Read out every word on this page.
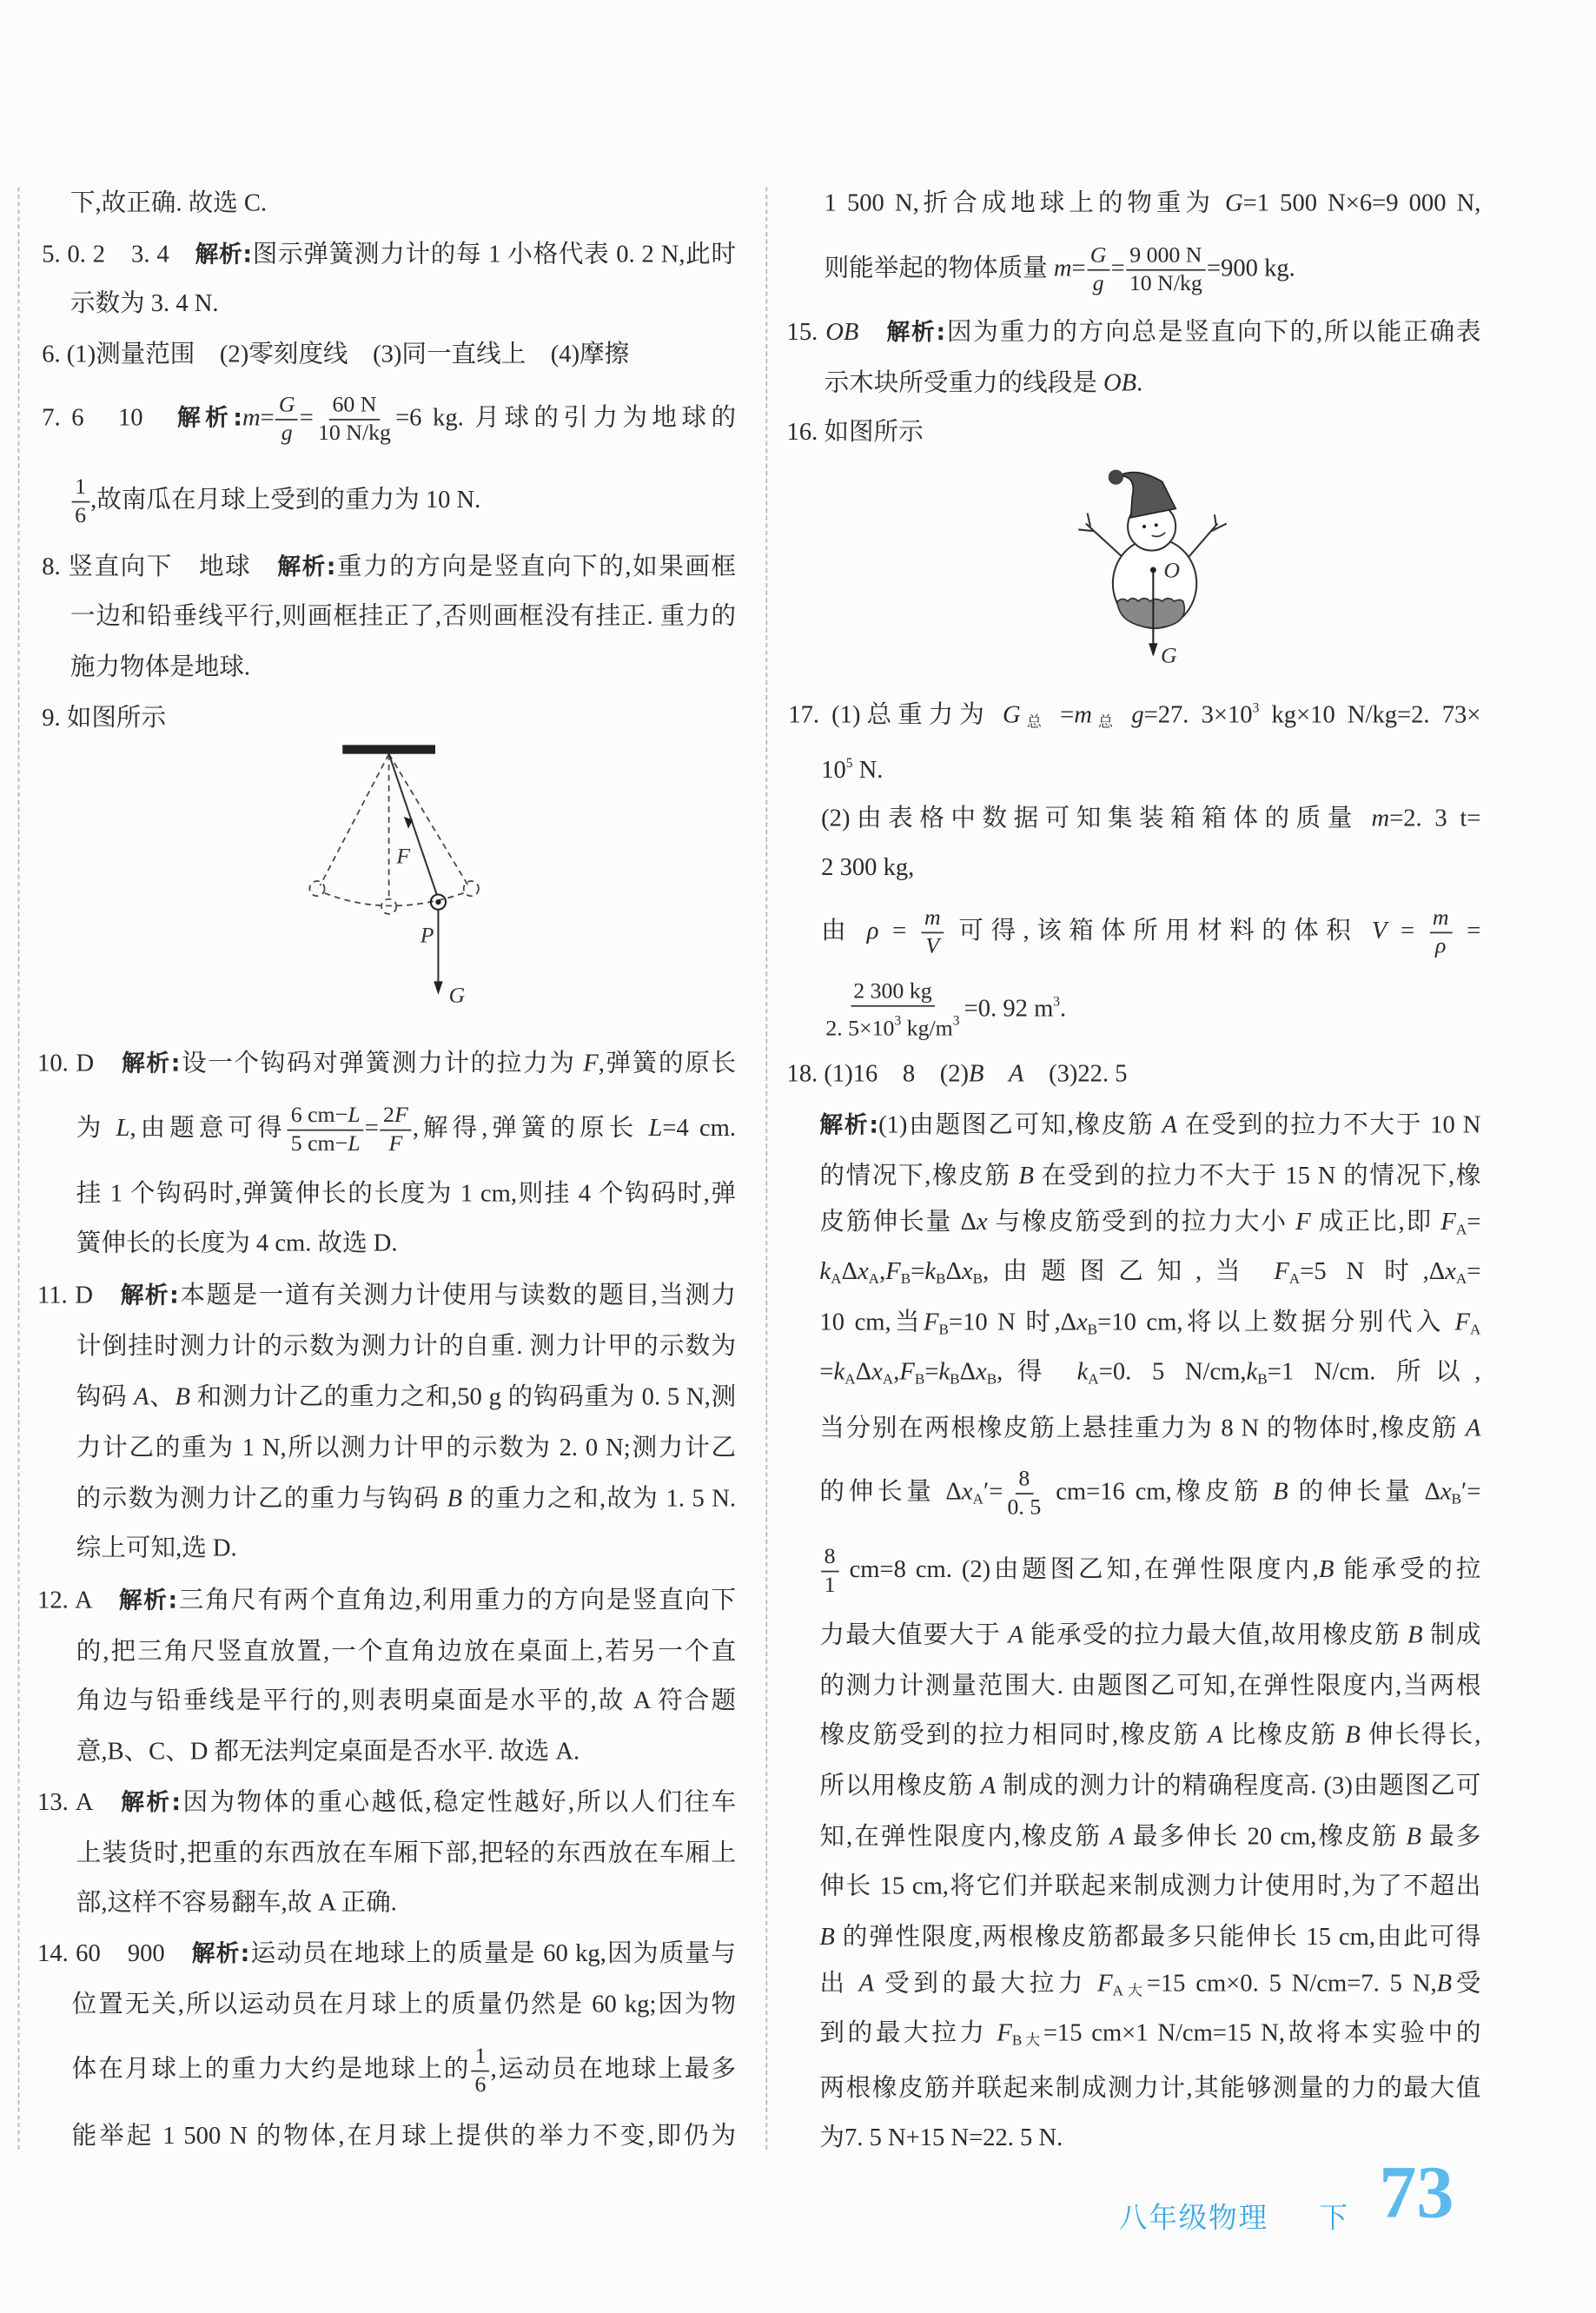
下,故正确. 故选 C.
5. 0. 2　3. 4　解析:图示弹簧测力计的每 1 小格代表 0. 2 N,此时
示数为 3. 4 N.
6. (1)测量范围　(2)零刻度线　(3)同一直线上　(4)摩擦
7. 6　10　解析:m= $\frac{G}{g} = \frac{60 N}{10 N/kg} =6$ kg. 月球的引力为地球的
$\frac{1}{6}$ ,故南瓜在月球上受到的重力为 10 N.
8. 竖直向下　地球　解析:重力的方向是竖直向下的,如果画框
一边和铅垂线平行,则画框挂正了,否则画框没有挂正. 重力的
施力物体是地球.
9. 如图所示
10. D　解析:设一个钩码对弹簧测力计的拉力为 F,弹簧的原长
为 L,由题意可得 $\frac{6 cm-L}{5 cm-L} = \frac{2F}{F}$ ,解得,弹簧的原长 L=4 cm.
挂 1 个钩码时,弹簧伸长的长度为 1 cm,则挂 4 个钩码时,弹
簧伸长的长度为 4 cm. 故选 D.
11. D　解析:本题是一道有关测力计使用与读数的题目,当测力
计倒挂时测力计的示数为测力计的自重. 测力计甲的示数为
钩码 A、B 和测力计乙的重力之和,50 g 的钩码重为 0. 5 N,测
力计乙的重为 1 N,所以测力计甲的示数为 2. 0 N;测力计乙
的示数为测力计乙的重力与钩码 B 的重力之和,故为 1. 5 N.
综上可知,选 D.
12. A　解析:三角尺有两个直角边,利用重力的方向是竖直向下
的,把三角尺竖直放置,一个直角边放在桌面上,若另一个直
角边与铅垂线是平行的,则表明桌面是水平的,故 A 符合题
意,B、C、D 都无法判定桌面是否水平. 故选 A.
13. A　解析:因为物体的重心越低,稳定性越好,所以人们往车
上装货时,把重的东西放在车厢下部,把轻的东西放在车厢上
部,这样不容易翻车,故 A 正确.
14. 60　900　解析:运动员在地球上的质量是 60 kg,因为质量与
位置无关,所以运动员在月球上的质量仍然是 60 kg;因为物
体在月球上的重力大约是地球上的 $\frac{1}{6}$ ,运动员在地球上最多
能举起 1 500 N 的物体,在月球上提供的举力不变,即仍为
1 500 N,折合成地球上的物重为 G=1 500 N×6=9 000 N,
则能举起的物体质量 $m= \frac{G}{g} = \frac{9 000 N}{10 N/kg} =900$ kg.
15. OB　 解析:因为重力的方向总是竖直向下的,所以能正确表
示木块所受重力的线段是 OB.
16. 如图所示
17. (1)总重力为 $G_总 =m_总$ g=27. $3\times 10^3$ kg×10 N/kg=2. 73×
$10^5$ N.
(2)由表格中数据可知集装箱箱体的质量 m=2. 3 t=
2 300 kg,
由 $\rho = \frac{m}{V}$ 可得,该箱体所用材料的体积 $V = \frac{m}{\rho}$ =
$\frac{2 300 kg}{2. 5\times 10^3 kg/m^3} =0$. 92 $m^3$.
18. (1)16　8　(2)B　 A　(3)22. 5
解析:(1)由题图乙可知,橡皮筋 A 在受到的拉力不大于 10 N
的情况下,橡皮筋 B 在受到的拉力不大于 15 N 的情况下,橡
皮筋伸长量 Δx 与橡皮筋受到的拉力大小 F 成正比,即 $F_A=$
$k_A\Delta x_A,F_B=k_B\Delta x_B$,由题图乙知,当 $F_A=5$ N 时$,\Delta x_A=$
10 cm,当$F_B=10$ N 时$,\Delta x_B=10$ cm,将以上数据分别代入 $F_A$
$=k_A\Delta x_A,F_B=k_B\Delta x_B$,得 $k_A=0$. 5 $N/cm,k_B=1$ N/cm. 所以,
当分别在两根橡皮筋上悬挂重力为 8 N 的物体时,橡皮筋 A
的伸长量 $\Delta x_A'= \frac{8}{0. 5} cm=16$ cm,橡皮筋 B 的伸长量 $\Delta x_B'=$
$\frac{8}{1} cm=8$ cm. (2)由题图乙知,在弹性限度内,B 能承受的拉
力最大值要大于 A 能承受的拉力最大值,故用橡皮筋 B 制成
的测力计测量范围大. 由题图乙可知,在弹性限度内,当两根
橡皮筋受到的拉力相同时,橡皮筋 A 比橡皮筋 B 伸长得长,
所以用橡皮筋 A 制成的测力计的精确程度高. (3)由题图乙可
知,在弹性限度内,橡皮筋 A 最多伸长 20 cm,橡皮筋 B 最多
伸长 15 cm,将它们并联起来制成测力计使用时,为了不超出
B 的弹性限度,两根橡皮筋都最多只能伸长 15 cm,由此可得
出 A 受到的最大拉力 $F_{A大}=15$ cm×0. 5 N/cm=7. 5 N,B受
到的最大拉力 $F_{B大}=15$ cm×1 N/cm=15 N,故将本实验中的
两根橡皮筋并联起来制成测力计,其能够测量的力的最大值
为7. 5 N+15 N=22. 5 N.
F
P
G
O
G
八年级物理	下 73
